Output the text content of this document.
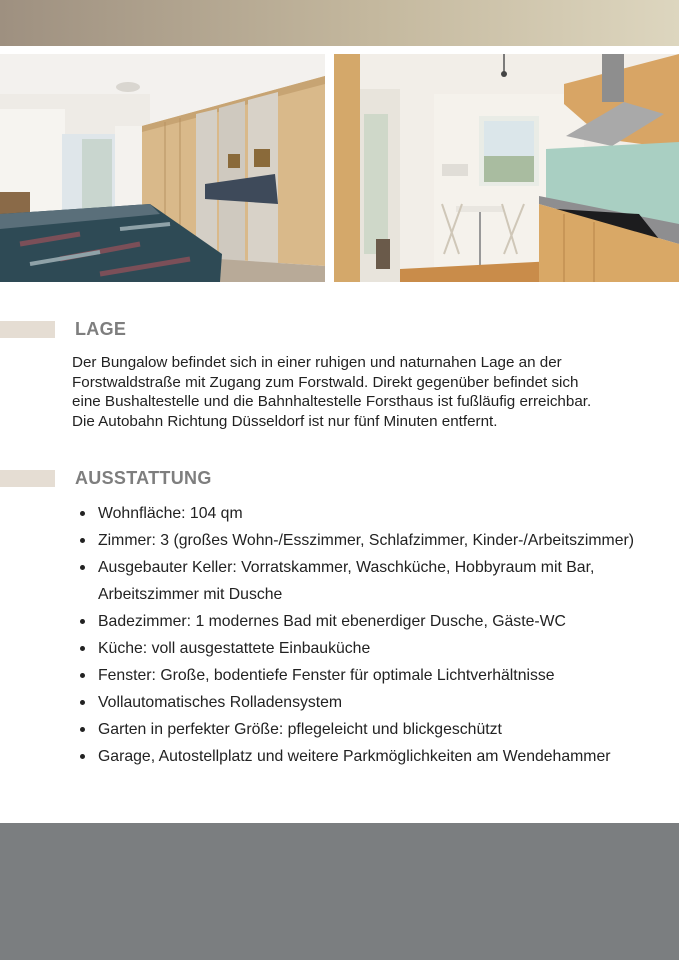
LAGE

Der Bungalow befindet sich in einer ruhigen und naturnahen Lage an der Forstwaldstraße mit Zugang zum Forstwald. Direkt gegenüber befindet sich eine Bushaltestelle und die Bahnhaltestelle Forsthaus ist fußläufig erreichbar. Die Autobahn Richtung Düsseldorf ist nur fünf Minuten entfernt.

AUSSTATTUNG
Wohnfläche: 104 qm
Zimmer: 3 (großes Wohn-/Esszimmer, Schlafzimmer, Kinder-/Arbeitszimmer)
Ausgebauter Keller: Vorratskammer, Waschküche, Hobbyraum mit Bar, Arbeitszimmer mit Dusche
Badezimmer: 1 modernes Bad mit ebenerdiger Dusche, Gäste-WC
Küche: voll ausgestattete Einbauküche
Fenster: Große, bodentiefe Fenster für optimale Lichtverhältnisse
Vollautomatisches Rolladensystem
Garten in perfekter Größe: pflegeleicht und blickgeschützt
Garage, Autostellplatz und weitere Parkmöglichkeiten am Wendehammer
